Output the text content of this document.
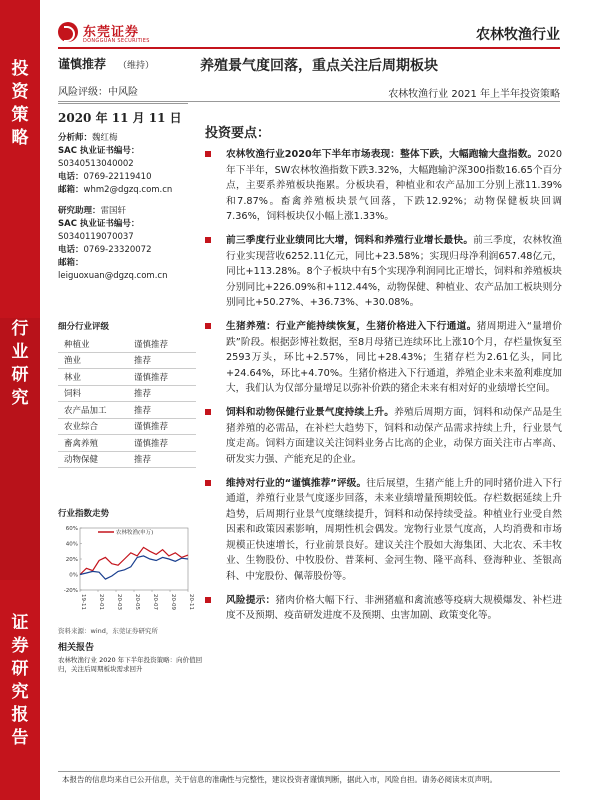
投
资
策
略
行
业
研
究
证
券
研
究
报
告
东莞证券
DONGGUAN SECURITIES	农林牧渔行业
谨慎推荐 （维持）
风险评级：中风险
养殖景气度回落，重点关注后周期板块
农林牧渔行业 2021 年上半年投资策略
2020 年 11 月 11 日
分析师：魏红梅
SAC 执业证书编号：
S0340513040002
电话：0769-22119410
邮箱：whm2@dgzq.com.cn
研究助理：雷国轩
SAC 执业证书编号：
S0340119070037
电话：0769-23320072
邮箱：
leiguoxuan@dgzq.com.cn
细分行业评级
种植业	谨慎推荐
渔业	推荐
林业	谨慎推荐
饲料	推荐
农产品加工	推荐
农业综合	谨慎推荐
畜禽养殖	谨慎推荐
动物保健	推荐
行业指数走势
60%
40%
20%
0%
-20%
19-11 20-01 20-03 20-05 20-07 20-09 20-11
农林牧渔(申万)
资料来源：wind，东莞证券研究所
相关报告
农林牧渔行业 2020 年下半年投资策略：向价值回归，关注后周期板块需求回升
投资要点：
农林牧渔行业2020年下半年市场表现：整体下跌，大幅跑输大盘指数。2020年下半年，SW农林牧渔指数下跌3.32%，大幅跑输沪深300指数16.65个百分点，主要系养殖板块拖累。分板块看，种植业和农产品加工分别上涨11.39%和7.87%。畜禽养殖板块景气回落，下跌12.92%；动物保健板块回调7.36%，饲料板块仅小幅上涨1.33%。
前三季度行业业绩同比大增，饲料和养殖行业增长最快。前三季度，农林牧渔行业实现营收6252.11亿元，同比+23.58%；实现归母净利润657.48亿元，同比+113.28%。8个子板块中有5个实现净利润同比正增长，饲料和养殖板块分别同比+226.09%和+112.44%，动物保健、种植业、农产品加工板块则分别同比+50.27%、+36.73%、+30.08%。
生猪养殖：行业产能持续恢复，生猪价格进入下行通道。猪周期进入“量增价跌”阶段。根据彭博社数据，至8月母猪已连续环比上涨10个月，存栏量恢复至2593万头，环比+2.57%，同比+28.43%；生猪存栏为2.61亿头，同比+24.64%，环比+4.70%。生猪价格进入下行通道，养殖企业未来盈利难度加大，我们认为仅部分量增足以弥补价跌的猪企未来有相对好的业绩增长空间。
饲料和动物保健行业景气度持续上升。养殖后周期方面，饲料和动保产品是生猪养殖的必需品，在补栏大趋势下，饲料和动保产品需求持续上升，行业景气度走高。饲料方面建议关注饲料业务占比高的企业，动保方面关注市占率高、研发实力强、产能充足的企业。
维持对行业的“谨慎推荐”评级。往后展望，生猪产能上升的同时猪价进入下行通道，养殖行业景气度逐步回落，未来业绩增量预期较低。存栏数据延续上升趋势，后周期行业景气度继续提升，饲料和动保持续受益。种植业行业受自然因素和政策因素影响，周期性机会偶发。宠物行业景气度高，人均消费和市场规模正快速增长，行业前景良好。建议关注个股如大海集团、大北农、禾丰牧业、生物股份、中牧股份、普莱柯、金河生物、隆平高科、登海种业、荃银高科、中宠股份、佩蒂股份等。
风险提示：猪肉价格大幅下行、非洲猪瘟和禽流感等疫病大规模爆发、补栏进度不及预期、疫苗研发进度不及预期、虫害加剧、政策变化等。
本报告的信息均来自已公开信息，关于信息的准确性与完整性，建议投资者谨慎判断，据此入市，风险自担。请务必阅读末页声明。
